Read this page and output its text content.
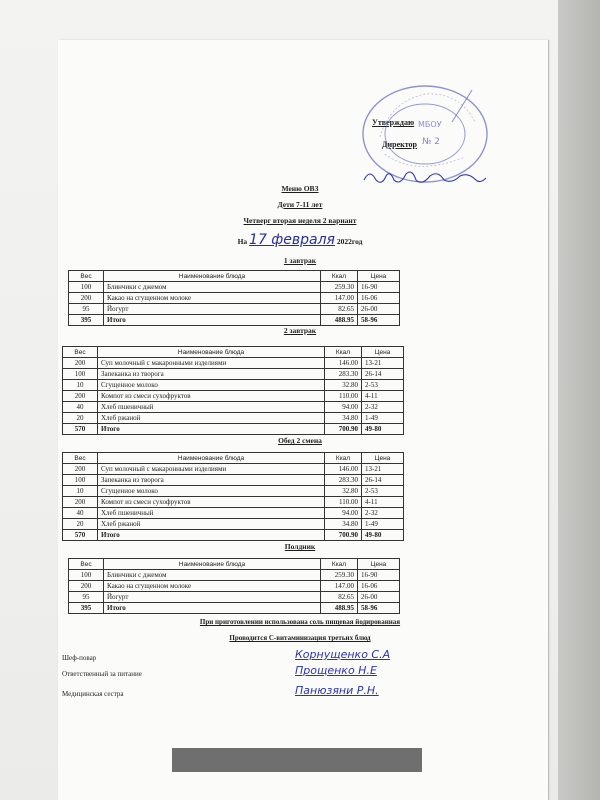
Утверждаю
Директор
МБОУ
№ 2
Меню ОВЗ
Дети 7-11 лет
Четверг вторая неделя 2 вариант
На 17 февраля 2022год
1 завтрак
Вес	Наименование блюда	Ккал	Цена
100	Блинчики с джемом	259.30	16-90
200	Какао на сгущенном молоке	147.00	16-06
95	Йогурт	82.65	26-00
395	Итого	488.95	58-96
2 завтрак
Вес	Наименование блюда	Ккал	Цена
200	Суп молочный с макаронными изделиями	146.00	13-21
100	Запеканка из творога	283.30	26-14
10	Сгущенное молоко	32.80	2-53
200	Компот из смеси сухофруктов	110.00	4-11
40	Хлеб пшеничный	94.00	2-32
20	Хлеб ржаной	34.80	1-49
570	Итого	700.90	49-80
Обед 2 смена
Вес	Наименование блюда	Ккал	Цена
200	Суп молочный с макаронными изделиями	146.00	13-21
100	Запеканка из творога	283.30	26-14
10	Сгущенное молоко	32.80	2-53
200	Компот из смеси сухофруктов	110.00	4-11
40	Хлеб пшеничный	94.00	2-32
20	Хлеб ржаной	34.80	1-49
570	Итого	700.90	49-80
Полдник
Вес	Наименование блюда	Ккал	Цена
100	Блинчики с джемом	259.30	16-90
200	Какао на сгущенном молоке	147.00	16-06
95	Йогурт	82.65	26-00
395	Итого	488.95	58-96
При приготовлении использована соль пищевая йодированная
Проводится С-витаминизация третьих блюд
Шеф-повар	Корнущенко С.А
Ответственный за питание	Прощенко Н.Е
Медицинская сестра	Панюзяни Р.Н.
